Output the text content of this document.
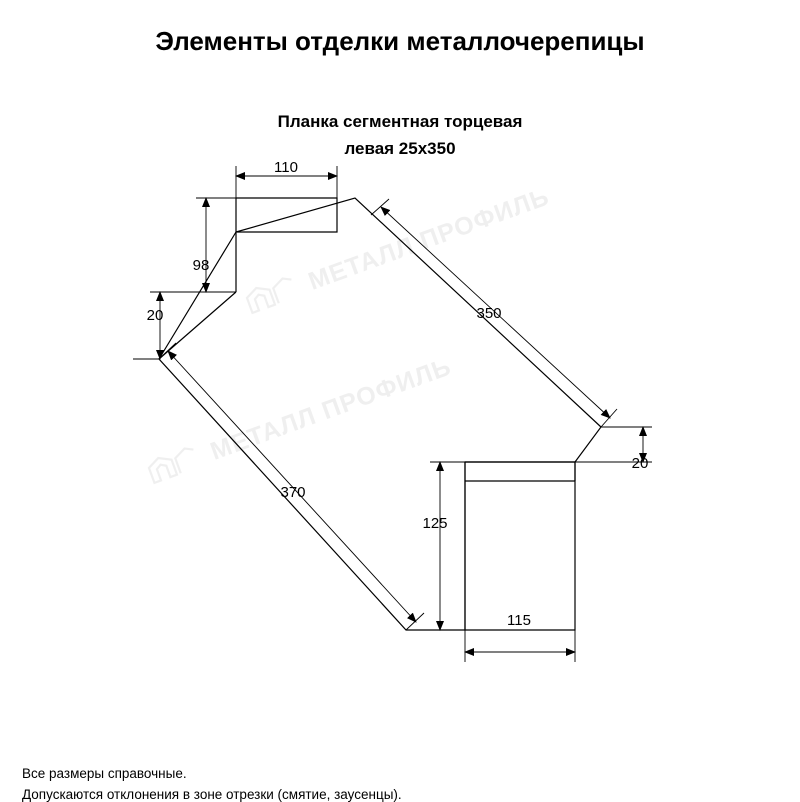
Элементы отделки металлочерепицы
Планка сегментная торцевая
левая 25х350
МЕТАЛЛ ПРОФИЛЬ
МЕТАЛЛ ПРОФИЛЬ
110
98
20	350
20
370
125
115
Все размеры справочные.
Допускаются отклонения в зоне отрезки (смятие, заусенцы).
